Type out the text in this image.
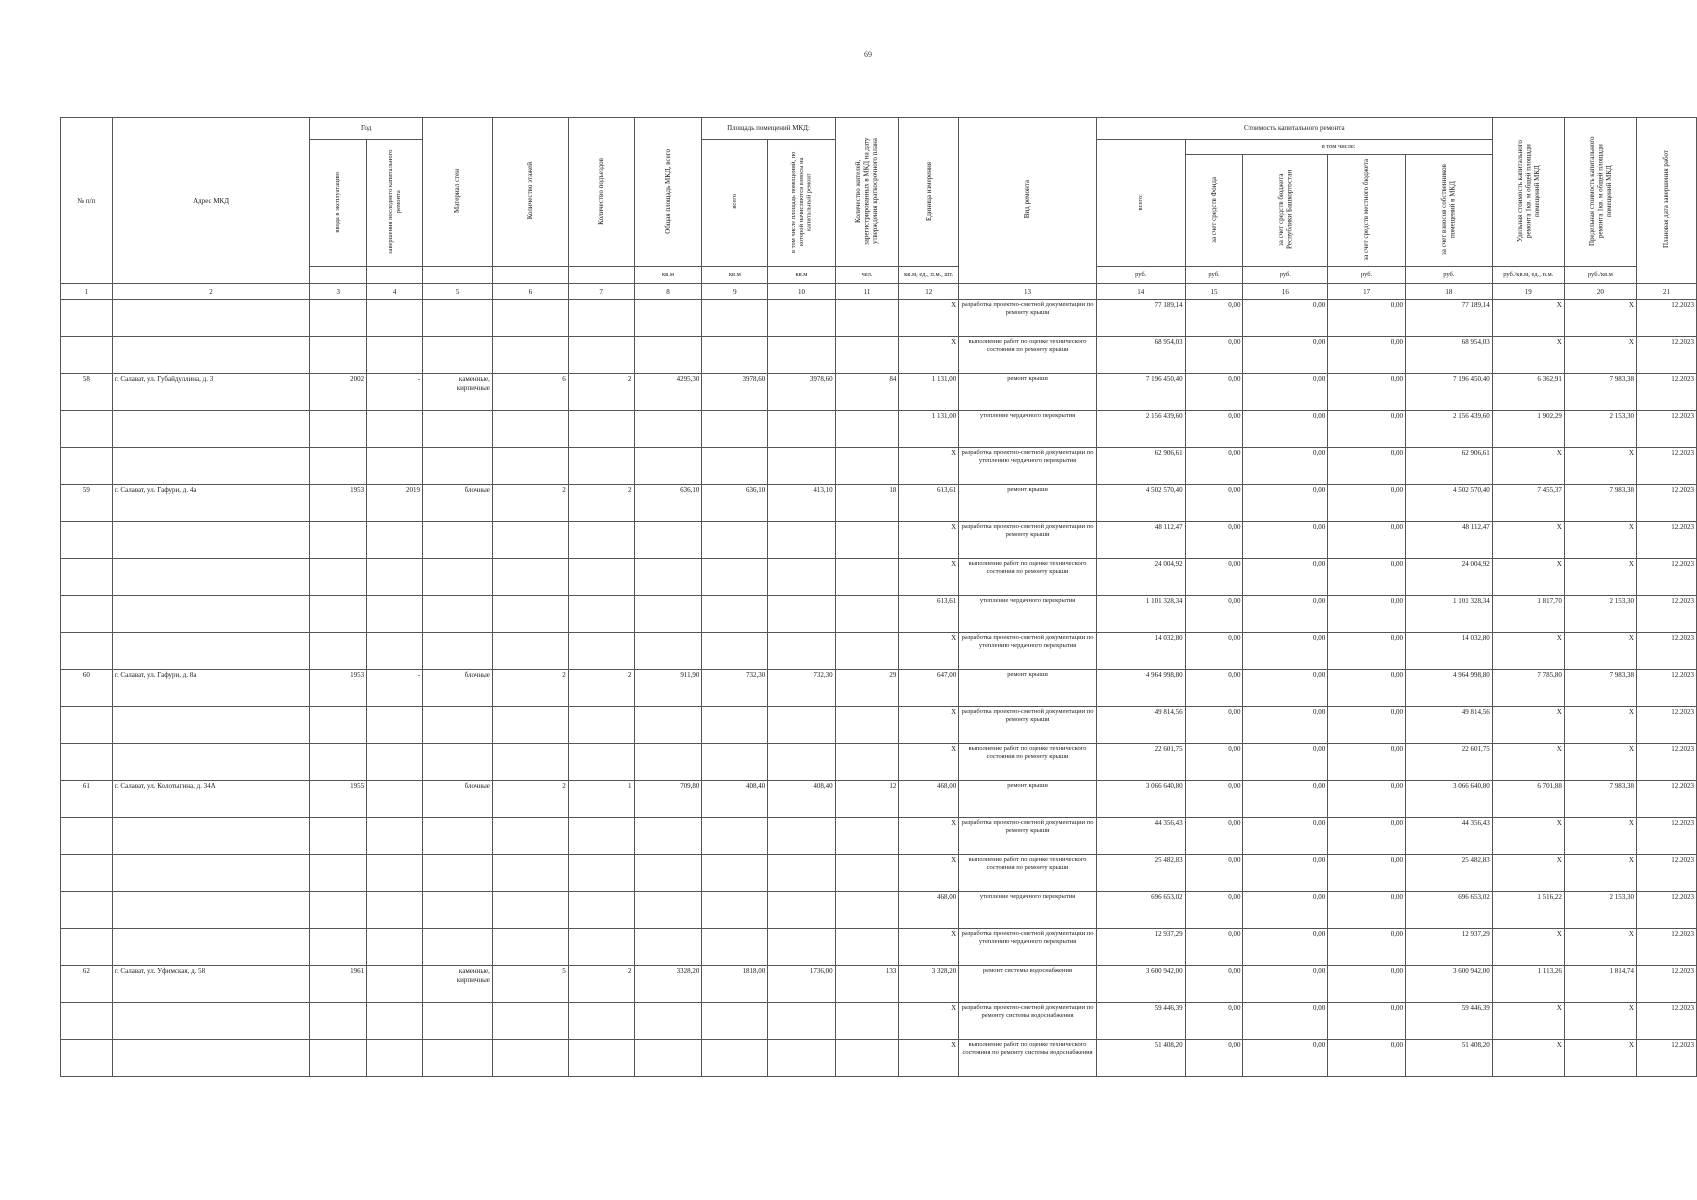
69
№ п/п	Адрес МКД	Год		Материал стен	Количество этажей	Количество подъездов	Общая площадь МКД, всего	Площадь помещений МКД:		Количество жителей, зарегистрированных в МКД на дату утверждения краткосрочного плана	Единица измерения	Вид ремонта	Стоимость капитального ремонта					Удельная стоимость капитального ремонта 1кв. м общей площади помещений МКД	Предельная стоимость капитального ремонта 1кв. м общей площади помещений МКД	Плановая дата завершения работ
		ввода в эксплуатацию	завершения последнего капитального ремонта					всего	в том числе площадь помещений, по которой начисляются взносы на капитальный ремонт				всего:	в том числе:						
														за счет средств Фонда	за счет средств бюджета Республики Башкортостан	за счет средств местного бюджета	за счет взносов собственников помещений в МКД			
							кв.м	кв.м	кв.м	чел.	кв.м, ед., п.м., шт.		руб.	руб.	руб.	руб.	руб.	руб./кв.м, ед., п.м.	руб./кв.м	
1	2	3	4	5	6	7	8	9	10	11	12	13	14	15	16	17	18	19	20	21
											X	разработка проектно-сметной документации по ремонту крыши	77 189,14	0,00	0,00	0,00	77 189,14	X	X	12.2023
											X	выполнение работ по оценке технического состояния по ремонту крыши	68 954,03	0,00	0,00	0,00	68 954,03	X	X	12.2023
58	г. Салават, ул. Губайдуллина, д. 3	2002	-	каменные, кирпичные	6	2	4295,30	3978,60	3978,60	84	1 131,00	ремонт крыши	7 196 450,40	0,00	0,00	0,00	7 196 450,40	6 362,91	7 983,38	12.2023
											1 131,00	утепление чердачного перекрытия	2 156 439,60	0,00	0,00	0,00	2 156 439,60	1 902,29	2 153,30	12.2023
											X	разработка проектно-сметной документации по утеплению чердачного перекрытия	62 906,61	0,00	0,00	0,00	62 906,61	X	X	12.2023
59	г. Салават, ул. Гафури, д. 4а	1953	2019	блочные	2	2	636,10	636,10	413,10	18	613,61	ремонт крыши	4 502 570,40	0,00	0,00	0,00	4 502 570,40	7 455,37	7 983,38	12.2023
											X	разработка проектно-сметной документации по ремонту крыши	48 112,47	0,00	0,00	0,00	48 112,47	X	X	12.2023
											X	выполнение работ по оценке технического состояния по ремонту крыши	24 004,92	0,00	0,00	0,00	24 004,92	X	X	12.2023
											613,61	утепление чердачного перекрытия	1 101 328,34	0,00	0,00	0,00	1 101 328,34	1 817,70	2 153,30	12.2023
											X	разработка проектно-сметной документации по утеплению чердачного перекрытия	14 032,80	0,00	0,00	0,00	14 032,80	X	X	12.2023
60	г. Салават, ул. Гафури, д. 8а	1953	-	блочные	2	2	911,90	732,30	732,30	29	647,00	ремонт крыши	4 964 998,80	0,00	0,00	0,00	4 964 998,80	7 785,80	7 983,38	12.2023
											X	разработка проектно-сметной документации по ремонту крыши	49 814,56	0,00	0,00	0,00	49 814,56	X	X	12.2023
											X	выполнение работ по оценке технического состояния по ремонту крыши	22 601,75	0,00	0,00	0,00	22 601,75	X	X	12.2023
61	г. Салават, ул. Колотыгина, д. 34А	1955		блочные	2	1	709,80	408,40	408,40	12	468,00	ремонт крыши	3 066 640,80	0,00	0,00	0,00	3 066 640,80	6 701,88	7 983,38	12.2023
											X	разработка проектно-сметной документации по ремонту крыши	44 356,43	0,00	0,00	0,00	44 356,43	X	X	12.2023
											X	выполнение работ по оценке технического состояния по ремонту крыши	25 482,83	0,00	0,00	0,00	25 482,83	X	X	12.2023
											468,00	утепление чердачного перекрытия	696 653,02	0,00	0,00	0,00	696 653,02	1 516,22	2 153,30	12.2023
											X	разработка проектно-сметной документации по утеплению чердачного перекрытия	12 937,29	0,00	0,00	0,00	12 937,29	X	X	12.2023
62	г. Салават, ул. Уфимская, д. 58	1961		каменные, кирпичные	5	2	3328,20	1818,00	1736,00	133	3 328,20	ремонт системы водоснабжения	3 600 942,00	0,00	0,00	0,00	3 600 942,00	1 113,26	1 814,74	12.2023
											X	разработка проектно-сметной документации по ремонту системы водоснабжения	59 446,39	0,00	0,00	0,00	59 446,39	X	X	12.2023
											X	выполнение работ по оценке технического состояния по ремонту системы водоснабжения	51 408,20	0,00	0,00	0,00	51 408,20	X	X	12.2023
